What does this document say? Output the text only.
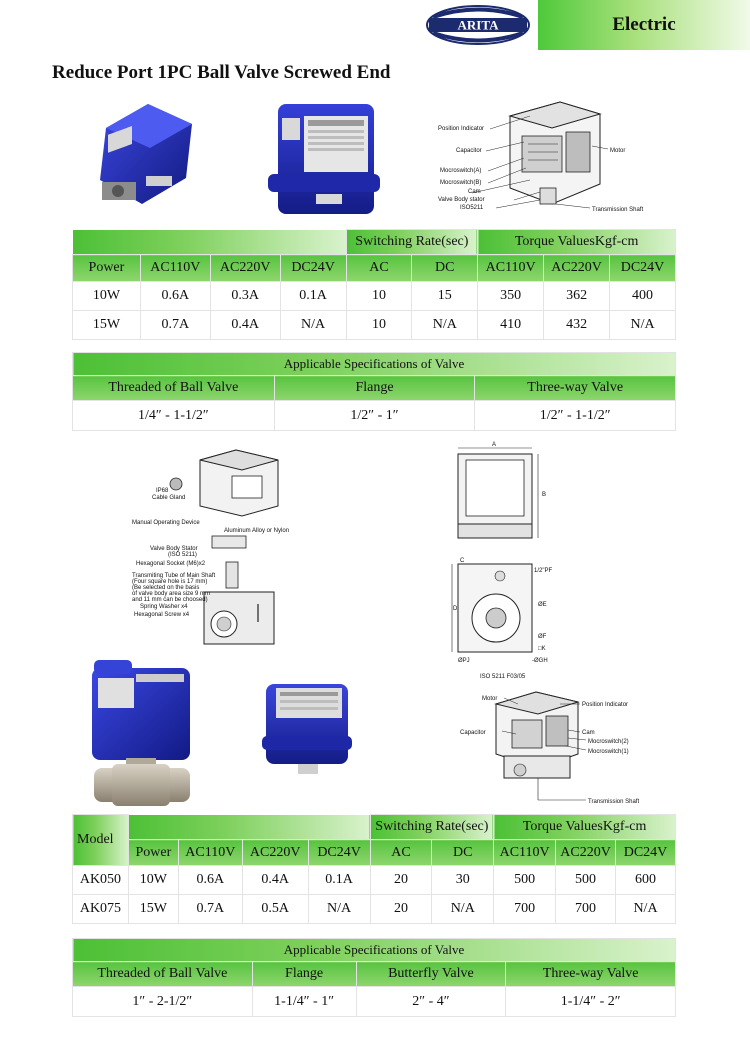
ARITA	Electric
Reduce Port 1PC Ball Valve Screwed End
Position Indicator
Capacitor
Mocroswitch(A)
Mocroswitch(B)
Cam
Valve Body stator
ISO5211
Motor
Transmission Shaft
				Switching Rate(sec)		Torque ValuesKgf-cm		
Power	AC110V	AC220V	DC24V	AC	DC	AC110V	AC220V	DC24V
10W	0.6A	0.3A	0.1A	10	15	350	362	400
15W	0.7A	0.4A	N/A	10	N/A	410	432	N/A
Applicable Specifications of Valve		
Threaded of Ball Valve	Flange	Three-way Valve
1/4″ - 1-1/2″	1/2″ - 1″	1/2″ - 1-1/2″
IP68
Cable Gland
Manual Operating Device
Aluminum Alloy or Nylon
Valve Body Stator
(ISO 5211)
Hexagonal Socket (M6)x2
Transmiting Tube of Main Shaft
(Four square hole is 17 mm)
(Be selected on the basis
of valve body area size 9 mm
and 11 mm can be choosed)
Spring Washer x4
Hexagonal Screw x4
A
B
C
D
1/2"PF
ØE
ØF
□K
ØPJ	-ØGH
ISO 5211 F03/05
Motor
Position Indicator
Capacitor	Cam
Mocroswitch(2)
Mocroswitch(1)
Transmission Shaft
Model					Switching Rate(sec)		Torque ValuesKgf-cm		
	Power	AC110V	AC220V	DC24V	AC	DC	AC110V	AC220V	DC24V
AK050	10W	0.6A	0.4A	0.1A	20	30	500	500	600
AK075	15W	0.7A	0.5A	N/A	20	N/A	700	700	N/A
Applicable Specifications of Valve			
Threaded of Ball Valve	Flange	Butterfly Valve	Three-way Valve
1″ - 2-1/2″	1-1/4″ - 1″	2″ - 4″	1-1/4″ - 2″
